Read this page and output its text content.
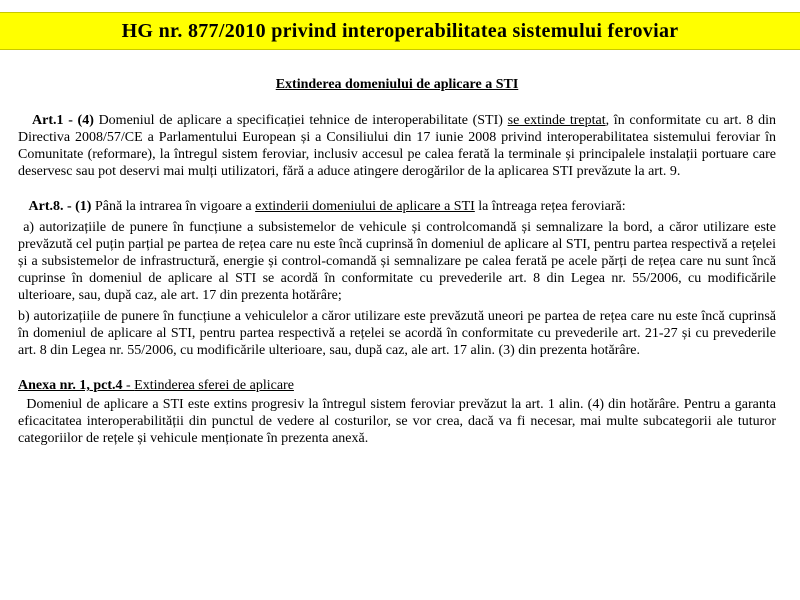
HG nr. 877/2010 privind interoperabilitatea sistemului feroviar
Extinderea domeniului de aplicare a STI

Art.1 - (4) Domeniul de aplicare a specificației tehnice de interoperabilitate (STI) se extinde treptat, în conformitate cu art. 8 din Directiva 2008/57/CE a Parlamentului European și a Consiliului din 17 iunie 2008 privind interoperabilitatea sistemului feroviar în Comunitate (reformare), la întregul sistem feroviar, inclusiv accesul pe calea ferată la terminale și principalele instalații portuare care deservesc sau pot deservi mai mulți utilizatori, fără a aduce atingere derogărilor de la aplicarea STI prevăzute la art. 9.

Art.8. - (1) Până la intrarea în vigoare a extinderii domeniului de aplicare a STI la întreaga rețea feroviară:

a) autorizațiile de punere în funcțiune a subsistemelor de vehicule și controlcomandă și semnalizare la bord, a căror utilizare este prevăzută cel puțin parțial pe partea de rețea care nu este încă cuprinsă în domeniul de aplicare al STI, pentru partea respectivă a rețelei și a subsistemelor de infrastructură, energie și control-comandă și semnalizare pe calea ferată pe acele părți de rețea care nu sunt încă cuprinse în domeniul de aplicare al STI se acordă în conformitate cu prevederile art. 8 din Legea nr. 55/2006, cu modificările ulterioare, sau, după caz, ale art. 17 din prezenta hotărâre;

b) autorizațiile de punere în funcțiune a vehiculelor a căror utilizare este prevăzută uneori pe partea de rețea care nu este încă cuprinsă în domeniul de aplicare al STI, pentru partea respectivă a rețelei se acordă în conformitate cu prevederile art. 21-27 și cu prevederile art. 8 din Legea nr. 55/2006, cu modificările ulterioare, sau, după caz, ale art. 17 alin. (3) din prezenta hotărâre.

Anexa nr. 1, pct.4 - Extinderea sferei de aplicare

Domeniul de aplicare a STI este extins progresiv la întregul sistem feroviar prevăzut la art. 1 alin. (4) din hotărâre. Pentru a garanta eficacitatea interoperabilității din punctul de vedere al costurilor, se vor crea, dacă va fi necesar, mai multe subcategorii ale tuturor categoriilor de rețele și vehicule menționate în prezenta anexă.
